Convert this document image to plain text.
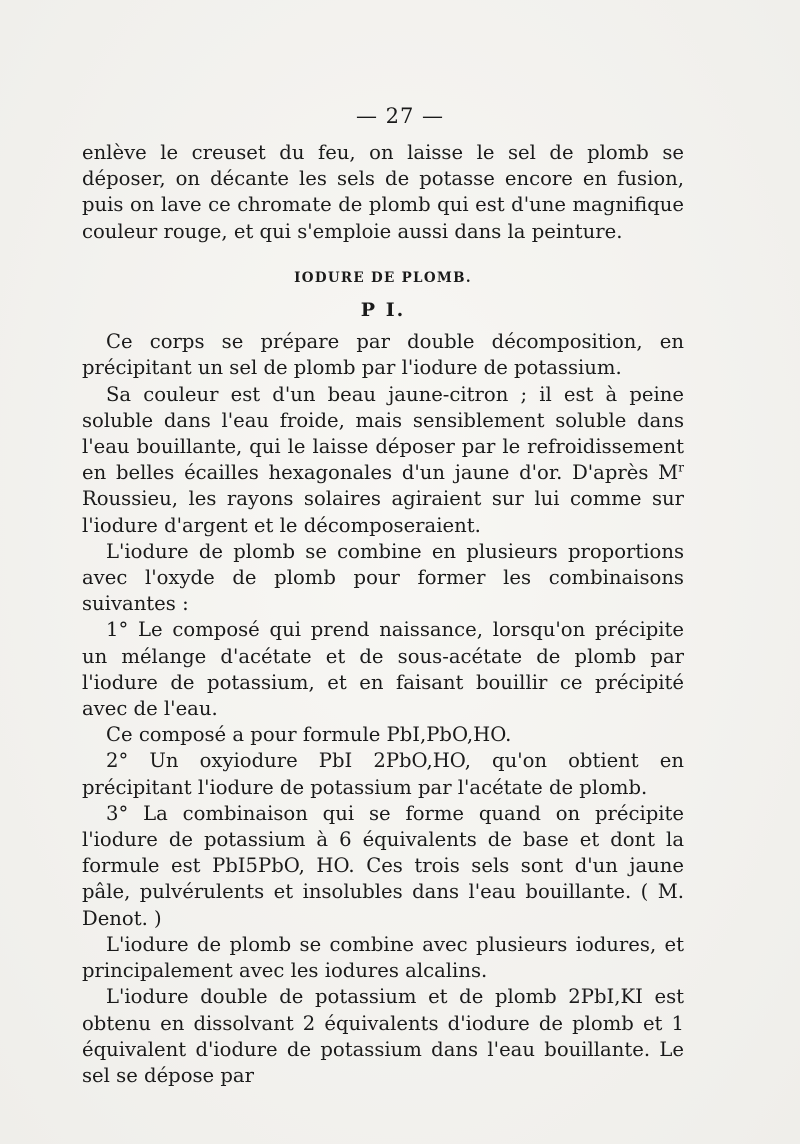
— 27 —

enlève le creuset du feu, on laisse le sel de plomb se déposer, on décante les sels de potasse encore en fusion, puis on lave ce chromate de plomb qui est d'une magnifique couleur rouge, et qui s'emploie aussi dans la peinture.

IODURE DE PLOMB.

P I.

Ce corps se prépare par double décomposition, en précipitant un sel de plomb par l'iodure de potassium.

Sa couleur est d'un beau jaune-citron ; il est à peine soluble dans l'eau froide, mais sensiblement soluble dans l'eau bouillante, qui le laisse déposer par le refroidissement en belles écailles hexagonales d'un jaune d'or. D'après $M^r$ Roussieu, les rayons solaires agiraient sur lui comme sur l'iodure d'argent et le décomposeraient.

L'iodure de plomb se combine en plusieurs proportions avec l'oxyde de plomb pour former les combinaisons suivantes :

1° Le composé qui prend naissance, lorsqu'on précipite un mélange d'acétate et de sous-acétate de plomb par l'iodure de potassium, et en faisant bouillir ce précipité avec de l'eau.

Ce composé a pour formule PbI,PbO,HO.

2° Un oxyiodure PbI 2PbO,HO, qu'on obtient en précipitant l'iodure de potassium par l'acétate de plomb.

3° La combinaison qui se forme quand on précipite l'iodure de potassium à 6 équivalents de base et dont la formule est PbI5PbO, HO. Ces trois sels sont d'un jaune pâle, pulvérulents et insolubles dans l'eau bouillante. ( M. Denot. )

L'iodure de plomb se combine avec plusieurs iodures, et principalement avec les iodures alcalins.

L'iodure double de potassium et de plomb 2PbI,KI est obtenu en dissolvant 2 équivalents d'iodure de plomb et 1 équivalent d'iodure de potassium dans l'eau bouillante. Le sel se dépose par
